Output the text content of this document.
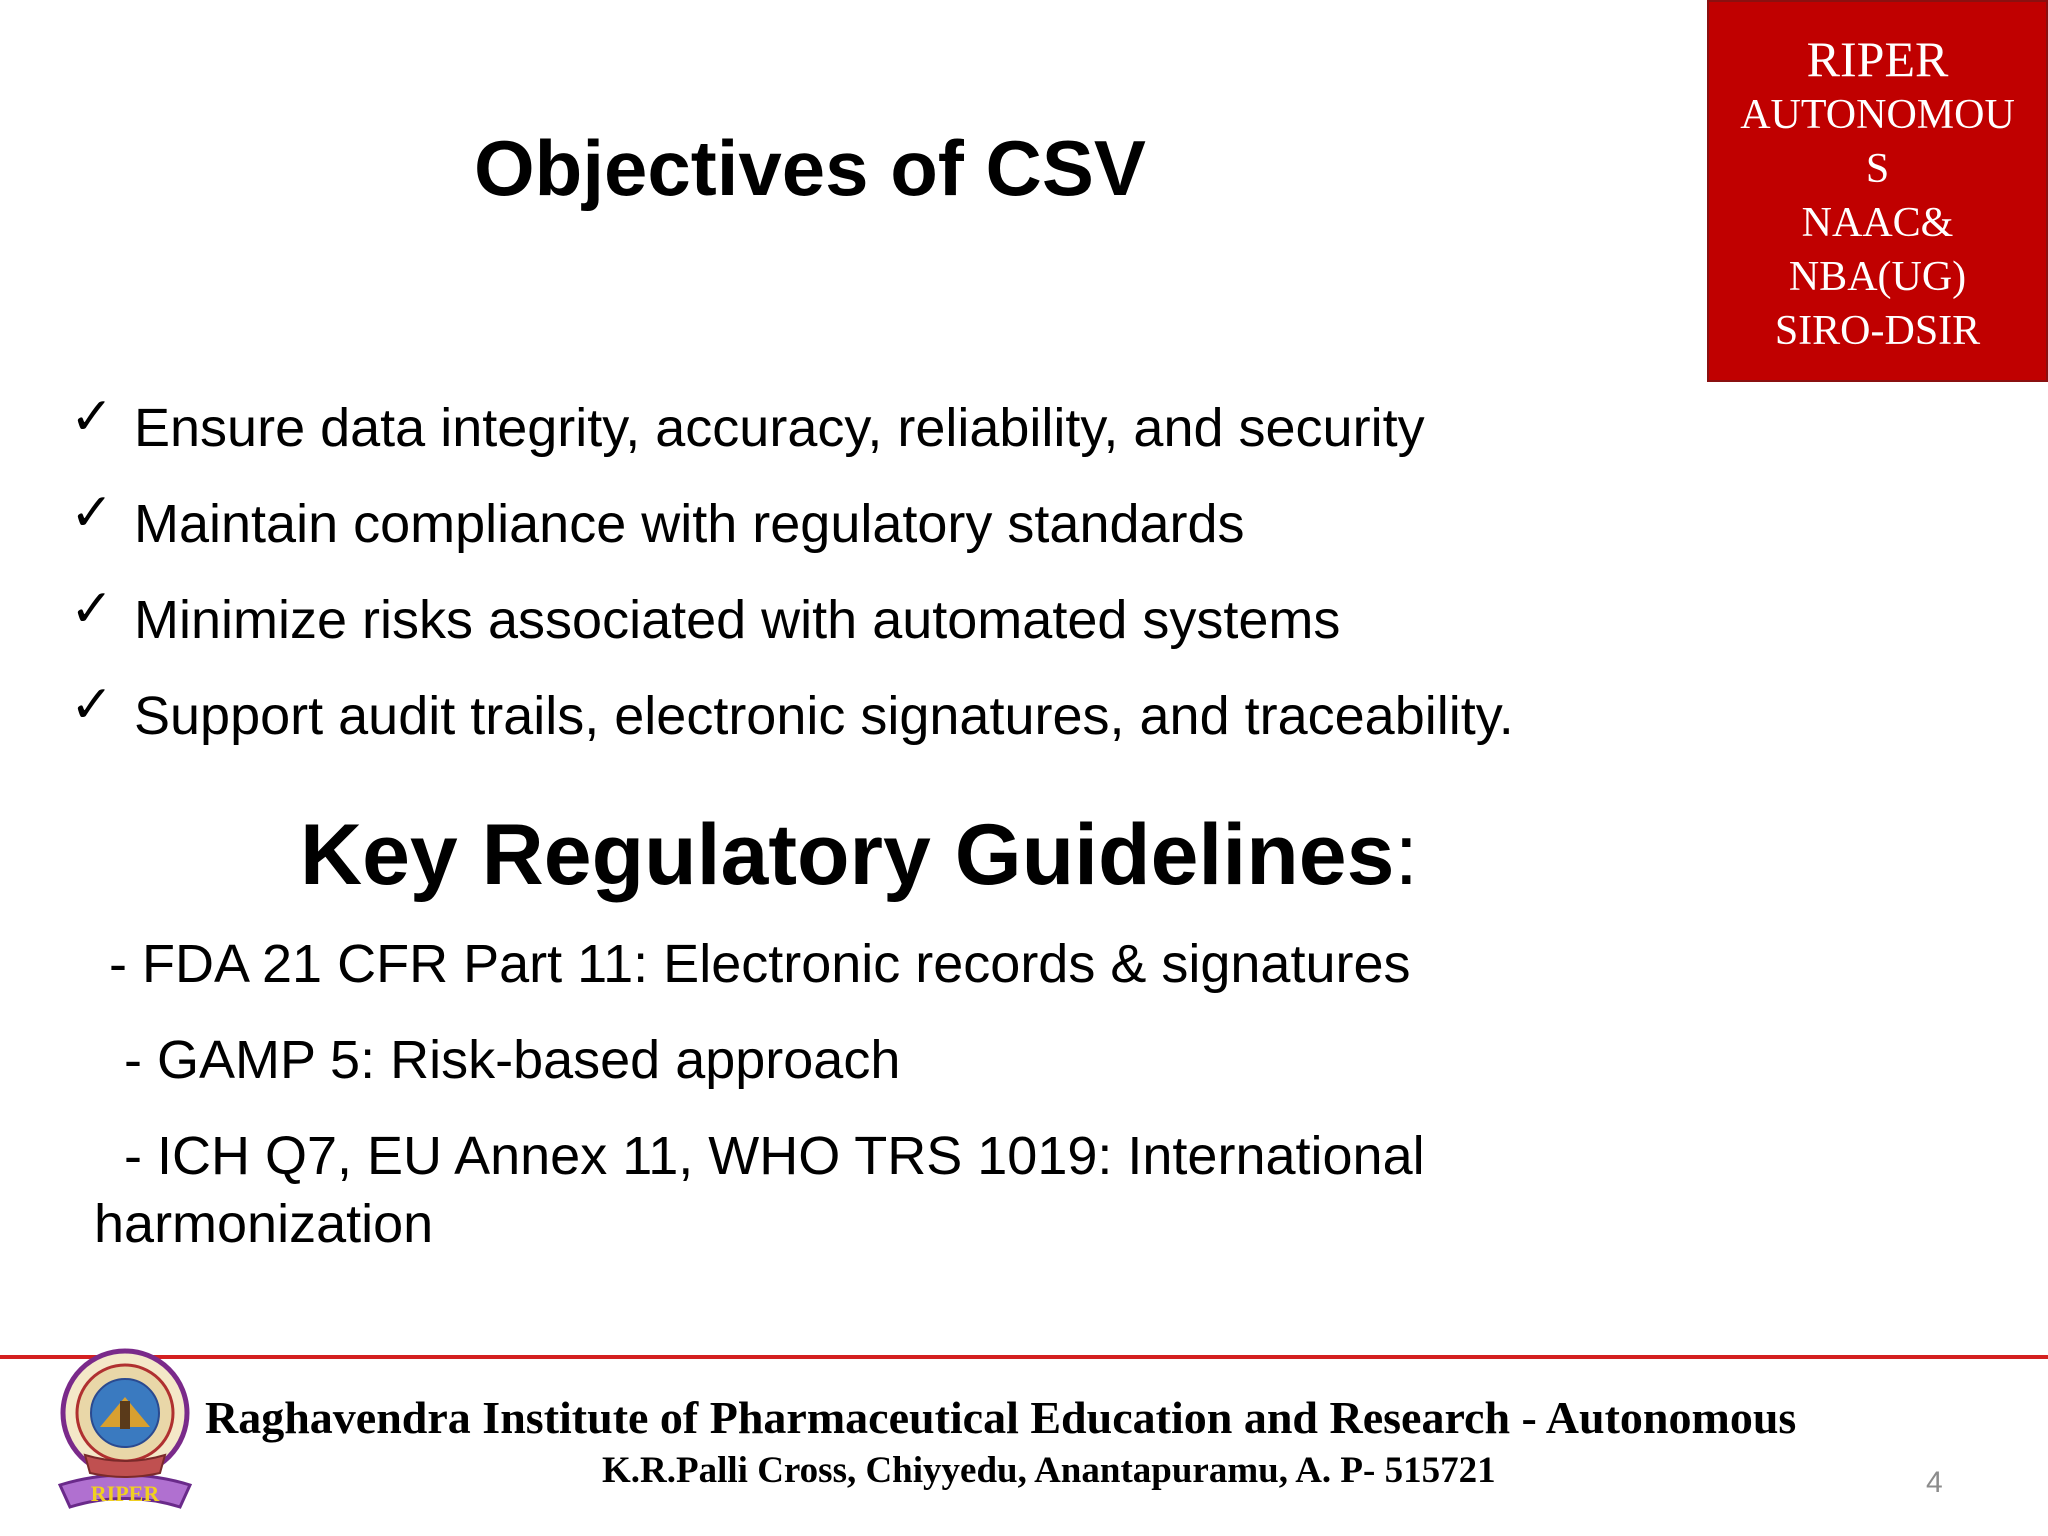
RIPER
AUTONOMOU
S
NAAC&
NBA(UG)
SIRO-DSIR
Objectives of CSV
✓ Ensure data integrity, accuracy, reliability, and security
✓ Maintain compliance with regulatory standards
✓ Minimize risks associated with automated systems
✓ Support audit trails, electronic signatures, and traceability.
Key Regulatory Guidelines:
- FDA 21 CFR Part 11: Electronic records & signatures
- GAMP 5: Risk-based approach
- ICH Q7, EU Annex 11, WHO TRS 1019: International harmonization
RIPER
Raghavendra Institute of Pharmaceutical Education and Research - Autonomous
K.R.Palli Cross, Chiyyedu, Anantapuramu, A. P- 515721	4
